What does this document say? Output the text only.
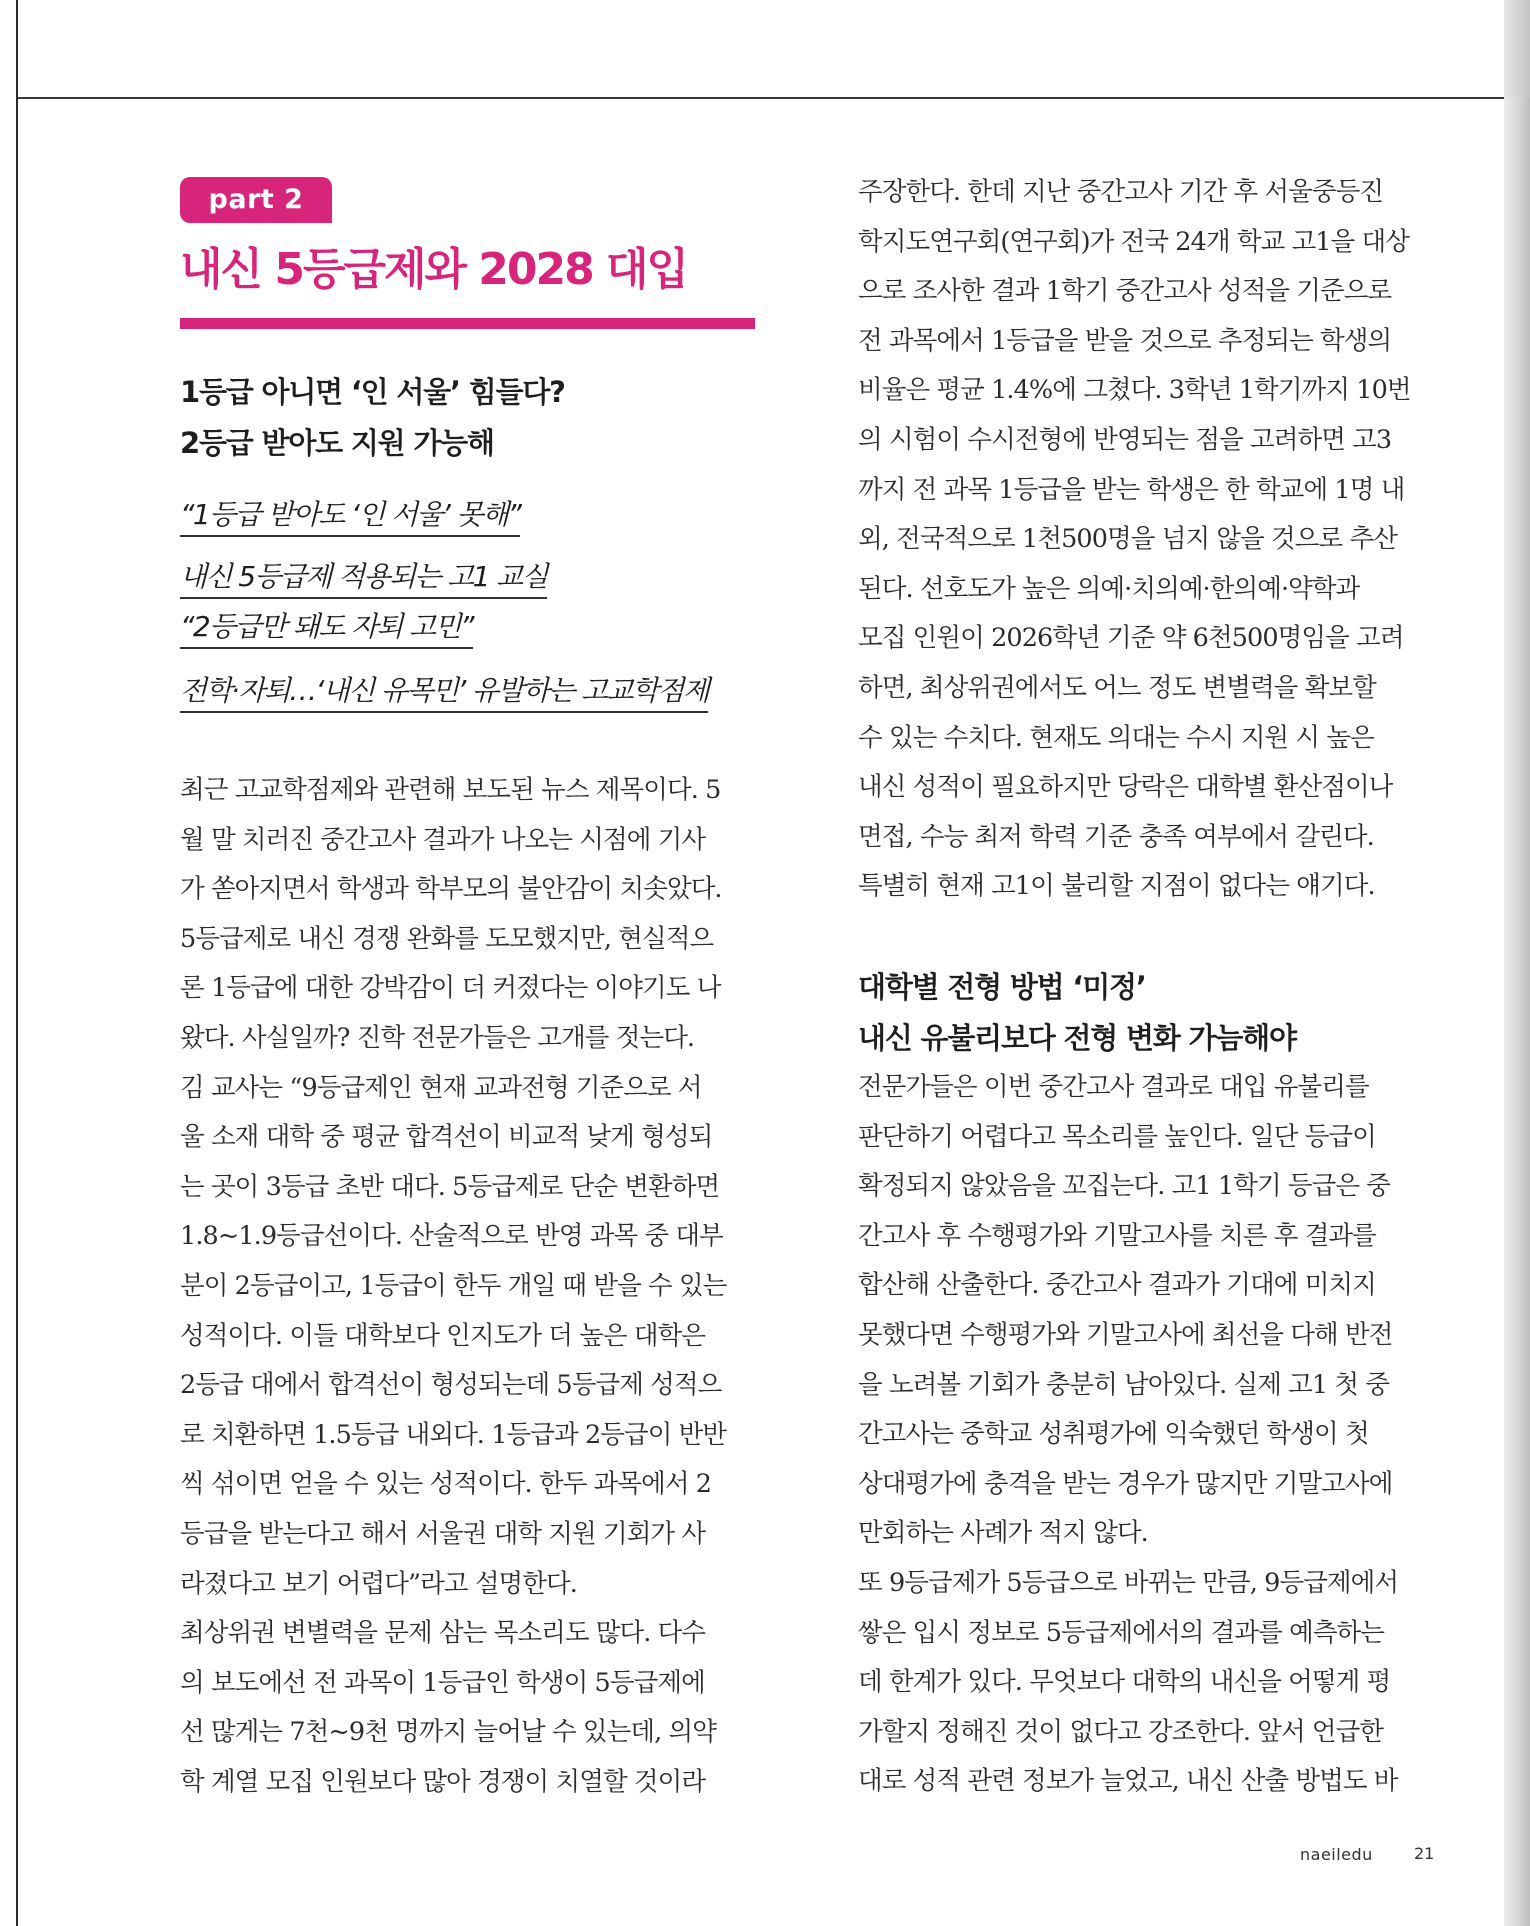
part 2
내신 5등급제와 2028 대입
1등급 아니면 ‘인 서울’ 힘들다?
2등급 받아도 지원 가능해
“1등급 받아도 ‘인 서울’ 못해”
내신 5등급제 적용되는 고1 교실
“2등급만 돼도 자퇴 고민”
전학·자퇴…‘내신 유목민’ 유발하는 고교학점제
최근 고교학점제와 관련해 보도된 뉴스 제목이다. 5
월 말 치러진 중간고사 결과가 나오는 시점에 기사
가 쏟아지면서 학생과 학부모의 불안감이 치솟았다.
5등급제로 내신 경쟁 완화를 도모했지만, 현실적으
론 1등급에 대한 강박감이 더 커졌다는 이야기도 나
왔다. 사실일까? 진학 전문가들은 고개를 젓는다.
김 교사는 “9등급제인 현재 교과전형 기준으로 서
울 소재 대학 중 평균 합격선이 비교적 낮게 형성되
는 곳이 3등급 초반 대다. 5등급제로 단순 변환하면
1.8~1.9등급선이다. 산술적으로 반영 과목 중 대부
분이 2등급이고, 1등급이 한두 개일 때 받을 수 있는
성적이다. 이들 대학보다 인지도가 더 높은 대학은
2등급 대에서 합격선이 형성되는데 5등급제 성적으
로 치환하면 1.5등급 내외다. 1등급과 2등급이 반반
씩 섞이면 얻을 수 있는 성적이다. 한두 과목에서 2
등급을 받는다고 해서 서울권 대학 지원 기회가 사
라졌다고 보기 어렵다”라고 설명한다.
최상위권 변별력을 문제 삼는 목소리도 많다. 다수
의 보도에선 전 과목이 1등급인 학생이 5등급제에
선 많게는 7천~9천 명까지 늘어날 수 있는데, 의약
학 계열 모집 인원보다 많아 경쟁이 치열할 것이라
주장한다. 한데 지난 중간고사 기간 후 서울중등진
학지도연구회(연구회)가 전국 24개 학교 고1을 대상
으로 조사한 결과 1학기 중간고사 성적을 기준으로
전 과목에서 1등급을 받을 것으로 추정되는 학생의
비율은 평균 1.4%에 그쳤다. 3학년 1학기까지 10번
의 시험이 수시전형에 반영되는 점을 고려하면 고3
까지 전 과목 1등급을 받는 학생은 한 학교에 1명 내
외, 전국적으로 1천500명을 넘지 않을 것으로 추산
된다. 선호도가 높은 의예·치의예·한의예·약학과
모집 인원이 2026학년 기준 약 6천500명임을 고려
하면, 최상위권에서도 어느 정도 변별력을 확보할
수 있는 수치다. 현재도 의대는 수시 지원 시 높은
내신 성적이 필요하지만 당락은 대학별 환산점이나
면접, 수능 최저 학력 기준 충족 여부에서 갈린다.
특별히 현재 고1이 불리할 지점이 없다는 얘기다.
대학별 전형 방법 ‘미정’
내신 유불리보다 전형 변화 가늠해야
전문가들은 이번 중간고사 결과로 대입 유불리를
판단하기 어렵다고 목소리를 높인다. 일단 등급이
확정되지 않았음을 꼬집는다. 고1 1학기 등급은 중
간고사 후 수행평가와 기말고사를 치른 후 결과를
합산해 산출한다. 중간고사 결과가 기대에 미치지
못했다면 수행평가와 기말고사에 최선을 다해 반전
을 노려볼 기회가 충분히 남아있다. 실제 고1 첫 중
간고사는 중학교 성취평가에 익숙했던 학생이 첫
상대평가에 충격을 받는 경우가 많지만 기말고사에
만회하는 사례가 적지 않다.
또 9등급제가 5등급으로 바뀌는 만큼, 9등급제에서
쌓은 입시 정보로 5등급제에서의 결과를 예측하는
데 한계가 있다. 무엇보다 대학의 내신을 어떻게 평
가할지 정해진 것이 없다고 강조한다. 앞서 언급한
대로 성적 관련 정보가 늘었고, 내신 산출 방법도 바
naeiledu	21
